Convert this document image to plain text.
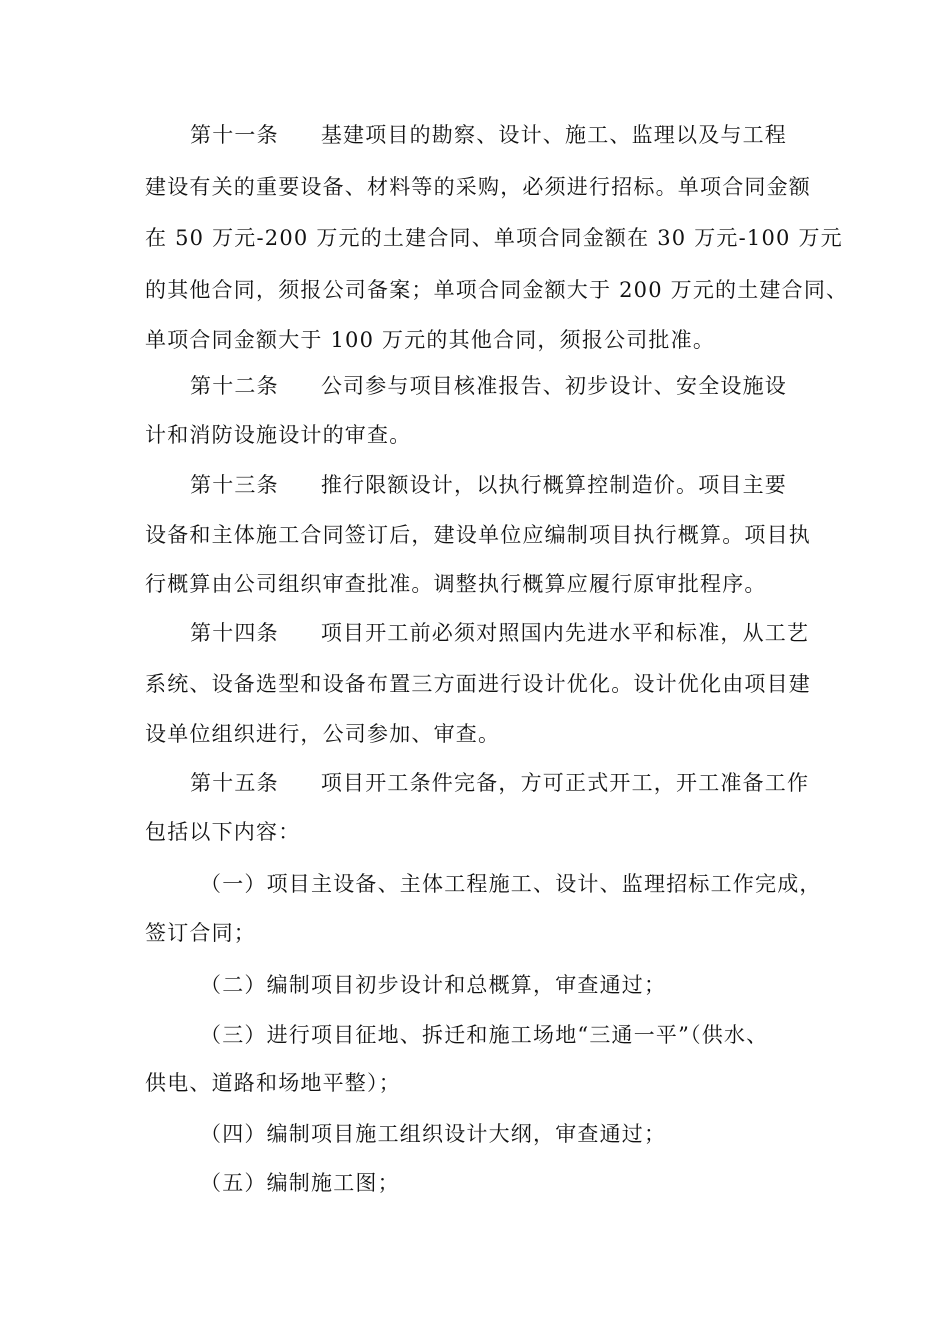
第十一条 基建项目的勘察、设计、施工、监理以及与工程
建设有关的重要设备、材料等的采购，必须进行招标。单项合同金额
在 50 万元-200 万元的土建合同、单项合同金额在 30 万元-100 万元
的其他合同，须报公司备案；单项合同金额大于 200 万元的土建合同、
单项合同金额大于 100 万元的其他合同，须报公司批准。
第十二条 公司参与项目核准报告、初步设计、安全设施设
计和消防设施设计的审查。
第十三条 推行限额设计，以执行概算控制造价。项目主要
设备和主体施工合同签订后，建设单位应编制项目执行概算。项目执
行概算由公司组织审查批准。调整执行概算应履行原审批程序。
第十四条 项目开工前必须对照国内先进水平和标准，从工艺
系统、设备选型和设备布置三方面进行设计优化。设计优化由项目建
设单位组织进行，公司参加、审查。
第十五条 项目开工条件完备，方可正式开工，开工准备工作
包括以下内容：
（一）项目主设备、主体工程施工、设计、监理招标工作完成，
签订合同；
（二）编制项目初步设计和总概算，审查通过；
（三）进行项目征地、拆迁和施工场地“三通一平”（供水、
供电、道路和场地平整）；
（四）编制项目施工组织设计大纲，审查通过；
（五）编制施工图；
